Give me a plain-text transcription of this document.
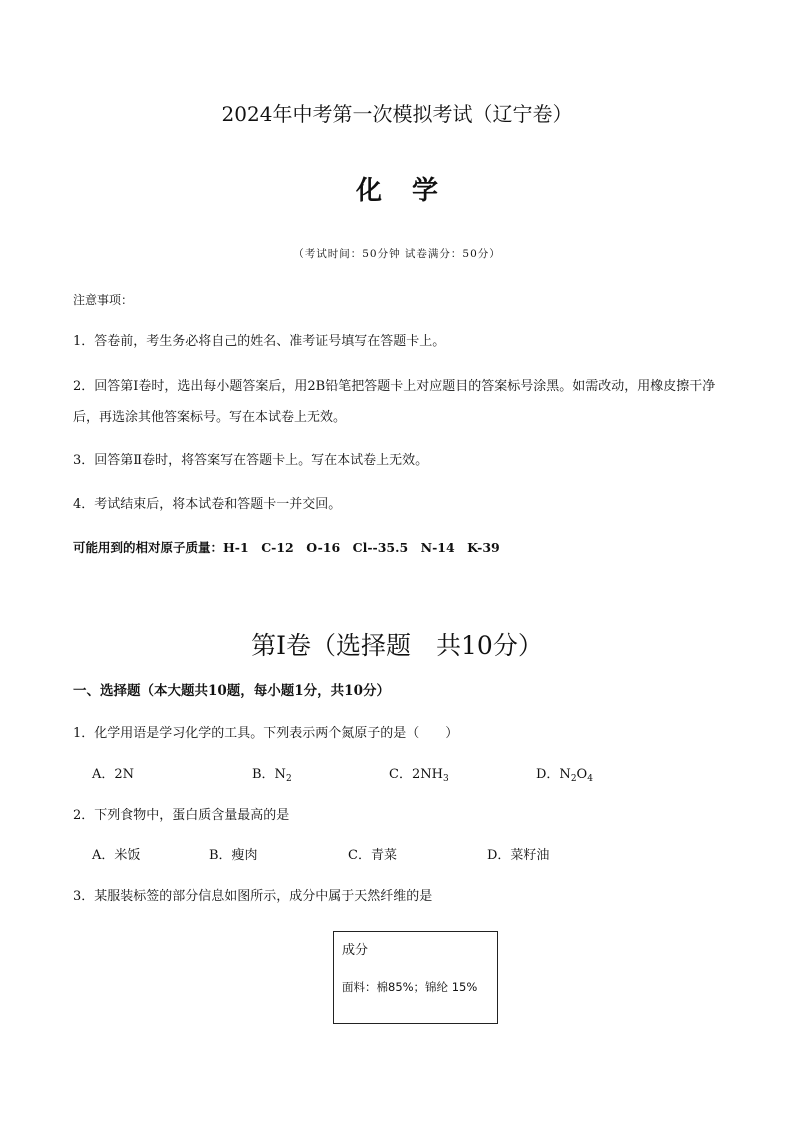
2024年中考第一次模拟考试（辽宁卷）
化学
（考试时间：50分钟 试卷满分：50分）
注意事项：
1．答卷前，考生务必将自己的姓名、准考证号填写在答题卡上。
2．回答第Ⅰ卷时，选出每小题答案后，用2B铅笔把答题卡上对应题目的答案标号涂黑。如需改动，用橡皮擦干净后，再选涂其他答案标号。写在本试卷上无效。
3．回答第Ⅱ卷时，将答案写在答题卡上。写在本试卷上无效。
4．考试结束后，将本试卷和答题卡一并交回。
可能用到的相对原子质量：H-1　C-12　O-16　Cl--35.5　N-14　K-39
第Ⅰ卷（选择题　共10分）
一、选择题（本大题共10题，每小题1分，共10分）
1．化学用语是学习化学的工具。下列表示两个氮原子的是（　　）
A．2N	B．$N_2$	C．$2NH_3$	D．$N_2O_4$
2．下列食物中，蛋白质含量最高的是
A．米饭	B．瘦肉	C．青菜	D．菜籽油
3．某服装标签的部分信息如图所示，成分中属于天然纤维的是
成分
面料：棉85%；锦纶 15%
